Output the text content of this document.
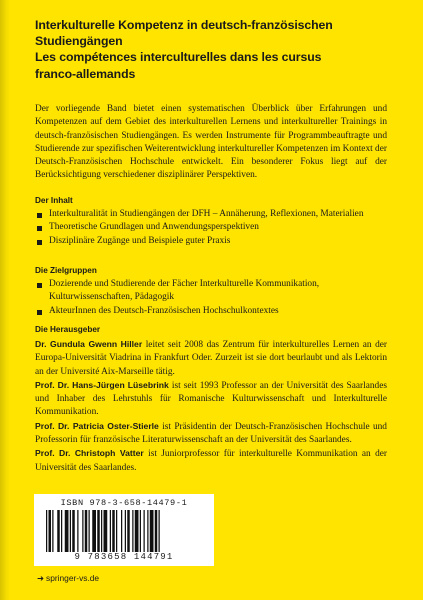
Interkulturelle Kompetenz in deutsch-französischen
Studiengängen
Les compétences interculturelles dans les cursus
franco-allemands
Der vorliegende Band bietet einen systematischen Überblick über Erfahrungen und Kompetenzen auf dem Gebiet des interkulturellen Lernens und interkultureller Trainings in deutsch-französischen Studiengängen. Es werden Instrumente für Programmbeauftragte und Studierende zur spezifischen Weiterentwicklung interkultureller Kompetenzen im Kontext der Deutsch-Französischen Hochschule entwickelt. Ein besonderer Fokus liegt auf der Berücksichtigung verschiedener disziplinärer Perspektiven.
Der Inhalt
Interkulturalität in Studiengängen der DFH – Annäherung, Reflexionen, Materialien
Theoretische Grundlagen und Anwendungsperspektiven
Disziplinäre Zugänge und Beispiele guter Praxis
Die Zielgruppen
Dozierende und Studierende der Fächer Interkulturelle Kommunikation, Kulturwissenschaften, Pädagogik
AkteurInnen des Deutsch-Französischen Hochschulkontextes
Die Herausgeber

Dr. Gundula Gwenn Hiller leitet seit 2008 das Zentrum für interkulturelles Lernen an der Europa-Universität Viadrina in Frankfurt Oder. Zurzeit ist sie dort beurlaubt und als Lektorin an der Université Aix-Marseille tätig.

Prof. Dr. Hans-Jürgen Lüsebrink ist seit 1993 Professor an der Universität des Saarlandes und Inhaber des Lehrstuhls für Romanische Kulturwissenschaft und Interkulturelle Kommunikation.

Prof. Dr. Patricia Oster-Stierle ist Präsidentin der Deutsch-Französischen Hochschule und Professorin für französische Literaturwissenschaft an der Universität des Saarlandes.

Prof. Dr. Christoph Vatter ist Juniorprofessor für interkulturelle Kommunikation an der Universität des Saarlandes.

ISBN 978-3-658-14479-1
9 783658 144791
➜ springer-vs.de
